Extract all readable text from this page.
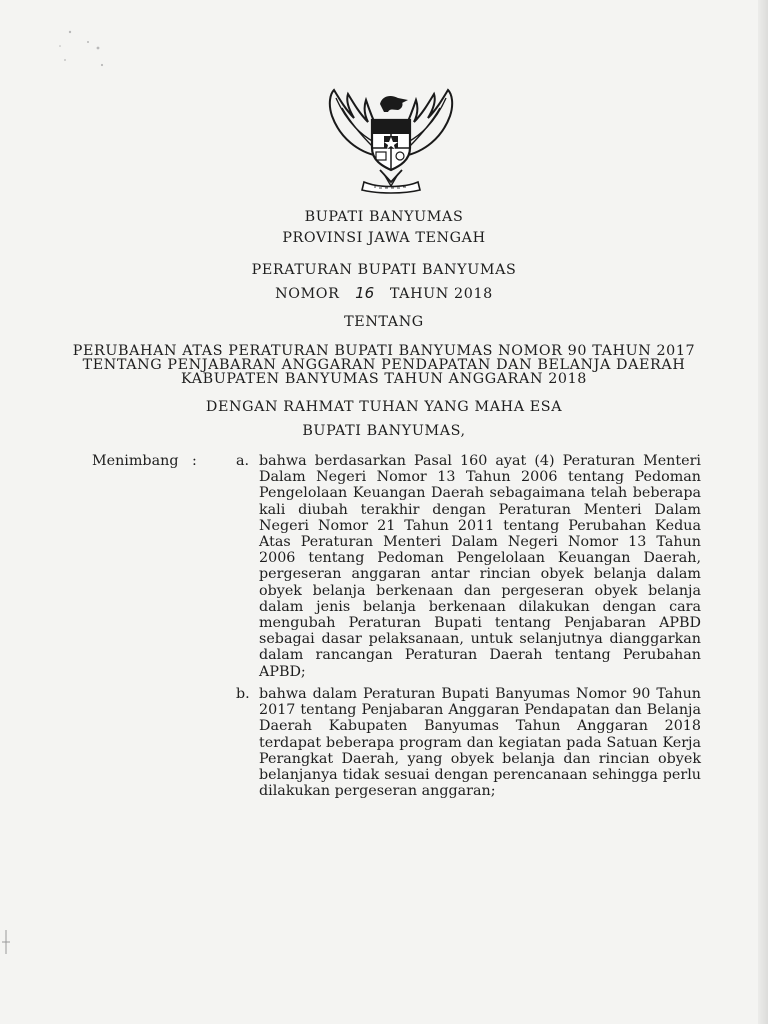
BUPATI BANYUMAS
PROVINSI JAWA TENGAH
PERATURAN BUPATI BANYUMAS
NOMOR 16 TAHUN 2018
TENTANG
PERUBAHAN ATAS PERATURAN BUPATI BANYUMAS NOMOR 90 TAHUN 2017
TENTANG PENJABARAN ANGGARAN PENDAPATAN DAN BELANJA DAERAH
KABUPATEN BANYUMAS TAHUN ANGGARAN 2018
DENGAN RAHMAT TUHAN YANG MAHA ESA
BUPATI BANYUMAS,
Menimbang :	a. bahwa berdasarkan Pasal 160 ayat (4) Peraturan Menteri Dalam Negeri Nomor 13 Tahun 2006 tentang Pedoman Pengelolaan Keuangan Daerah sebagaimana telah beberapa kali diubah terakhir dengan Peraturan Menteri Dalam Negeri Nomor 21 Tahun 2011 tentang Perubahan Kedua Atas Peraturan Menteri Dalam Negeri Nomor 13 Tahun 2006 tentang Pedoman Pengelolaan Keuangan Daerah, pergeseran anggaran antar rincian obyek belanja dalam obyek belanja berkenaan dan pergeseran obyek belanja dalam jenis belanja berkenaan dilakukan dengan cara mengubah Peraturan Bupati tentang Penjabaran APBD sebagai dasar pelaksanaan, untuk selanjutnya dianggarkan dalam rancangan Peraturan Daerah tentang Perubahan APBD;
b. bahwa dalam Peraturan Bupati Banyumas Nomor 90 Tahun 2017 tentang Penjabaran Anggaran Pendapatan dan Belanja Daerah Kabupaten Banyumas Tahun Anggaran 2018 terdapat beberapa program dan kegiatan pada Satuan Kerja Perangkat Daerah, yang obyek belanja dan rincian obyek belanjanya tidak sesuai dengan perencanaan sehingga perlu dilakukan pergeseran anggaran;
